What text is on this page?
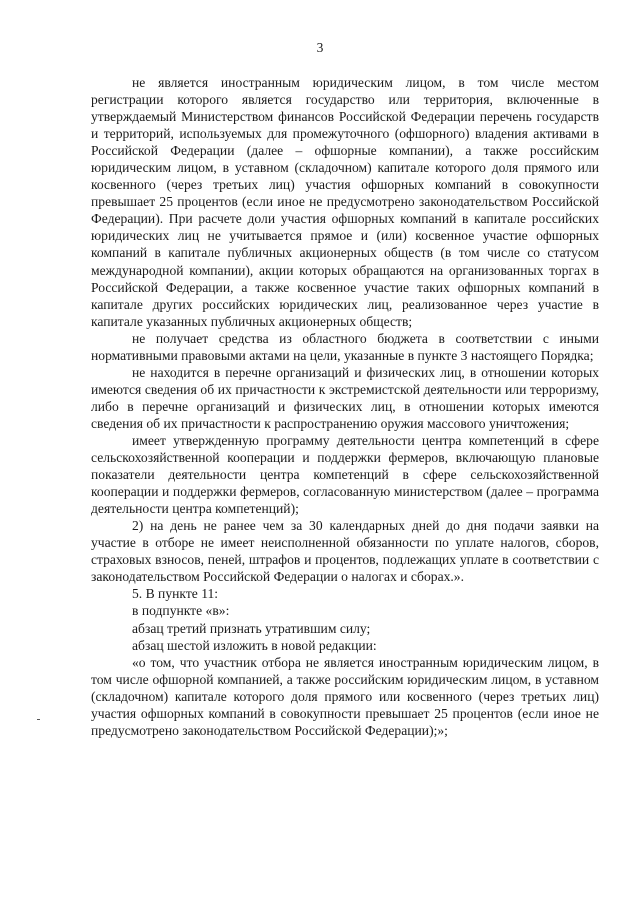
3

не является иностранным юридическим лицом, в том числе местом регистрации которого является государство или территория, включенные в утверждаемый Министерством финансов Российской Федерации перечень государств и территорий, используемых для промежуточного (офшорного) владения активами в Российской Федерации (далее – офшорные компании), а также российским юридическим лицом, в уставном (складочном) капитале которого доля прямого или косвенного (через третьих лиц) участия офшорных компаний в совокупности превышает 25 процентов (если иное не предусмотрено законодательством Российской Федерации). При расчете доли участия офшорных компаний в капитале российских юридических лиц не учитывается прямое и (или) косвенное участие офшорных компаний в капитале публичных акционерных обществ (в том числе со статусом международной компании), акции которых обращаются на организованных торгах в Российской Федерации, а также косвенное участие таких офшорных компаний в капитале других российских юридических лиц, реализованное через участие в капитале указанных публичных акционерных обществ;

не получает средства из областного бюджета в соответствии с иными нормативными правовыми актами на цели, указанные в пункте 3 настоящего Порядка;

не находится в перечне организаций и физических лиц, в отношении которых имеются сведения об их причастности к экстремистской деятельности или терроризму, либо в перечне организаций и физических лиц, в отношении которых имеются сведения об их причастности к распространению оружия массового уничтожения;

имеет утвержденную программу деятельности центра компетенций в сфере сельскохозяйственной кооперации и поддержки фермеров, включающую плановые показатели деятельности центра компетенций в сфере сельскохозяйственной кооперации и поддержки фермеров, согласованную министерством (далее – программа деятельности центра компетенций);

2) на день не ранее чем за 30 календарных дней до дня подачи заявки на участие в отборе не имеет неисполненной обязанности по уплате налогов, сборов, страховых взносов, пеней, штрафов и процентов, подлежащих уплате в соответствии с законодательством Российской Федерации о налогах и сборах.».

5. В пункте 11:

в подпункте «в»:

абзац третий признать утратившим силу;

абзац шестой изложить в новой редакции:

«о том, что участник отбора не является иностранным юридическим лицом, в том числе офшорной компанией, а также российским юридическим лицом, в уставном (складочном) капитале которого доля прямого или косвенного (через третьих лиц) участия офшорных компаний в совокупности превышает 25 процентов (если иное не предусмотрено законодательством Российской Федерации);»;
